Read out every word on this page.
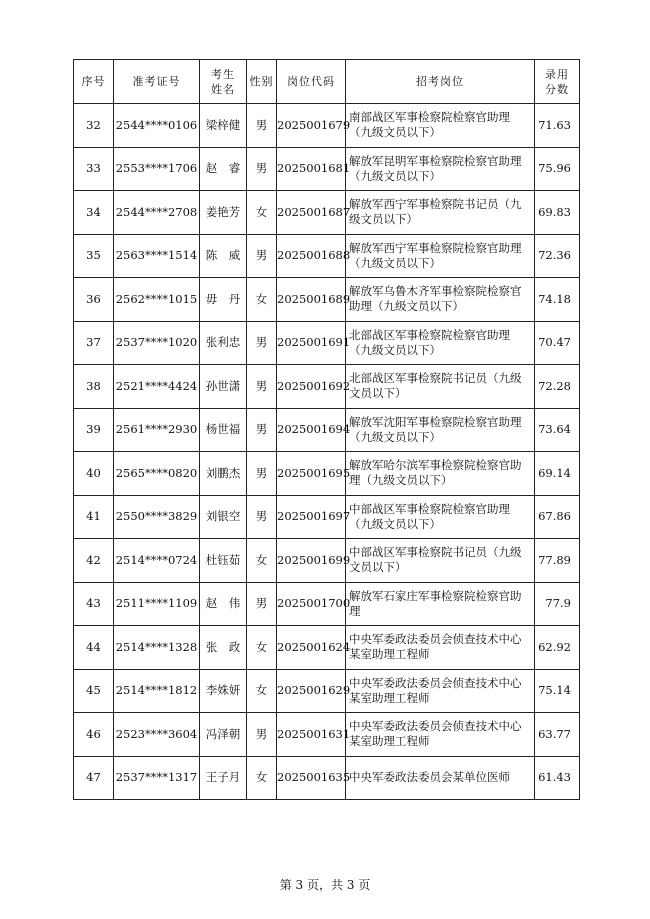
序号	准考证号	考生
姓名	性别	岗位代码	招考岗位	录用
分数
32	2544****0106	梁梓健	男	2025001679	南部战区军事检察院检察官助理
（九级文员以下）	71.63
33	2553****1706	赵　睿	男	2025001681	解放军昆明军事检察院检察官助理
（九级文员以下）	75.96
34	2544****2708	姜艳芳	女	2025001687	解放军西宁军事检察院书记员（九
级文员以下）	69.83
35	2563****1514	陈　威	男	2025001688	解放军西宁军事检察院检察官助理
（九级文员以下）	72.36
36	2562****1015	毋　丹	女	2025001689	解放军乌鲁木齐军事检察院检察官
助理（九级文员以下）	74.18
37	2537****1020	张利忠	男	2025001691	北部战区军事检察院检察官助理
（九级文员以下）	70.47
38	2521****4424	孙世潇	男	2025001692	北部战区军事检察院书记员（九级
文员以下）	72.28
39	2561****2930	杨世福	男	2025001694	解放军沈阳军事检察院检察官助理
（九级文员以下）	73.64
40	2565****0820	刘鹏杰	男	2025001695	解放军哈尔滨军事检察院检察官助
理（九级文员以下）	69.14
41	2550****3829	刘银空	男	2025001697	中部战区军事检察院检察官助理
（九级文员以下）	67.86
42	2514****0724	杜钰茹	女	2025001699	中部战区军事检察院书记员（九级
文员以下）	77.89
43	2511****1109	赵　伟	男	2025001700	解放军石家庄军事检察院检察官助
理	77.9
44	2514****1328	张　政	女	2025001624	中央军委政法委员会侦查技术中心
某室助理工程师	62.92
45	2514****1812	李姝妍	女	2025001629	中央军委政法委员会侦查技术中心
某室助理工程师	75.14
46	2523****3604	冯泽朝	男	2025001631	中央军委政法委员会侦查技术中心
某室助理工程师	63.77
47	2537****1317	王子月	女	2025001635	中央军委政法委员会某单位医师	61.43
第 3 页，共 3 页
